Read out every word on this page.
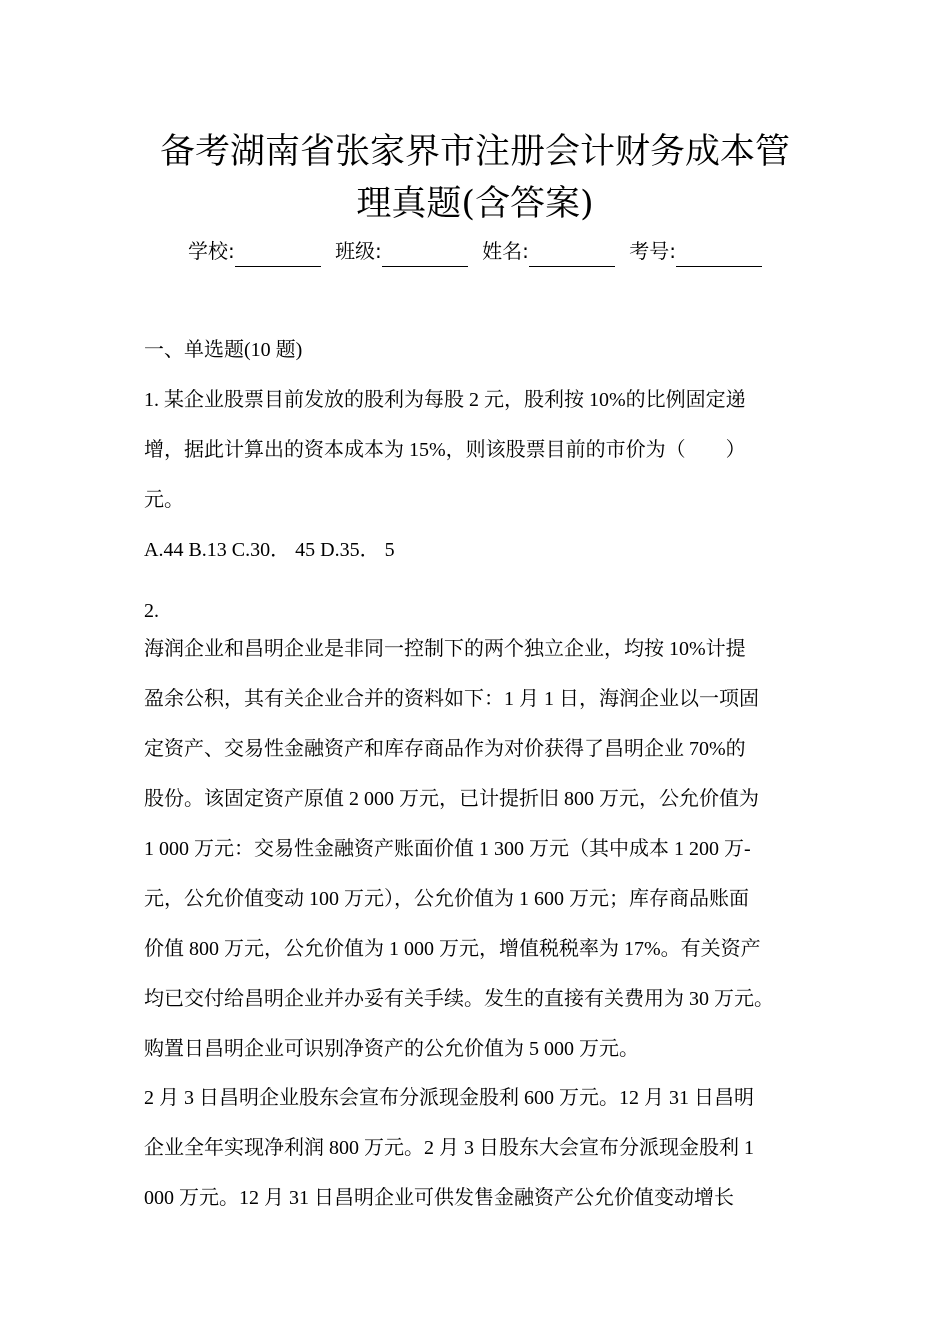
备考湖南省张家界市注册会计财务成本管
理真题(含答案)
学校:	班级:	姓名:	考号:
一、单选题(10 题)
1. 某企业股票目前发放的股利为每股 2 元，股利按 10%的比例固定递
增，据此计算出的资本成本为 15%，则该股票目前的市价为（　　）
元。
A.44 B.13 C.30． 45 D.35． 5
2.
海润企业和昌明企业是非同一控制下的两个独立企业，均按 10%计提
盈余公积，其有关企业合并的资料如下：1 月 1 日，海润企业以一项固
定资产、交易性金融资产和库存商品作为对价获得了昌明企业 70%的
股份。该固定资产原值 2 000 万元，已计提折旧 800 万元，公允价值为
1 000 万元：交易性金融资产账面价值 1 300 万元（其中成本 1 200 万-
元，公允价值变动 100 万元），公允价值为 1 600 万元；库存商品账面
价值 800 万元，公允价值为 1 000 万元，增值税税率为 17%。有关资产
均已交付给昌明企业并办妥有关手续。发生的直接有关费用为 30 万元。
购置日昌明企业可识别净资产的公允价值为 5 000 万元。
2 月 3 日昌明企业股东会宣布分派现金股利 600 万元。12 月 31 日昌明
企业全年实现净利润 800 万元。2 月 3 日股东大会宣布分派现金股利 1
000 万元。12 月 31 日昌明企业可供发售金融资产公允价值变动增长
